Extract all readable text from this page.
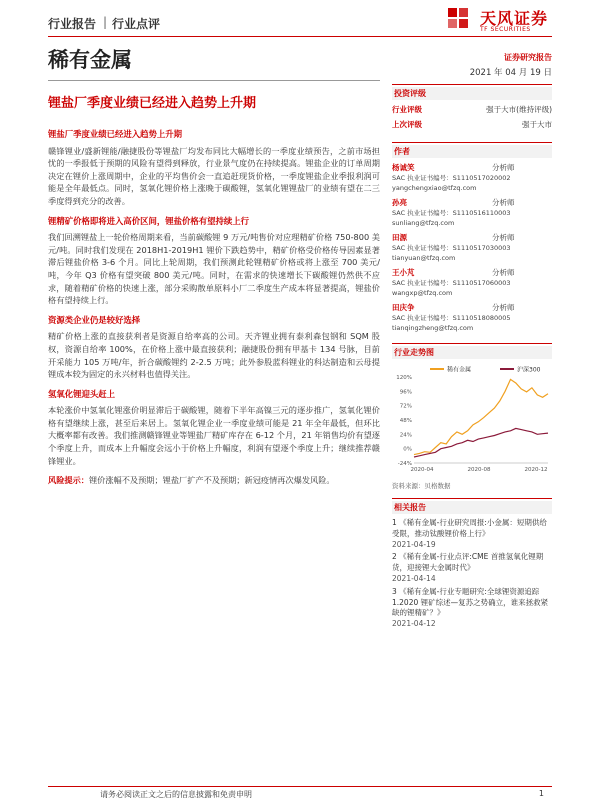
行业报告 | 行业点评	天风证券
TF SECURITIES
稀有金属
锂盐厂季度业绩已经进入趋势上升期
锂盐厂季度业绩已经进入趋势上升期

赣锋锂业/盛新锂能/融捷股份等锂盐厂均发布同比大幅增长的一季度业绩预告，之前市场担忧的一季报低于预期的风险有望得到释放，行业景气度仍在持续提高。锂盐企业的订单周期决定在锂价上涨周期中，企业的平均售价会一直追赶现货价格，一季度锂盐企业季报利润可能是全年最低点。同时，氢氧化锂价格上涨晚于碳酸锂，氢氧化锂锂盐厂的业绩有望在二三季度得到充分的改善。

锂精矿价格即将进入高价区间，锂盐价格有望持续上行

我们回溯锂盐上一轮价格周期来看，当前碳酸锂 9 万元/吨售价对应理精矿价格 750-800 美元/吨。同时我们发现在 2018H1-2019H1 锂价下跌趋势中，精矿价格受价格传导因素显著滞后锂盐价格 3-6 个月。同比上轮周期，我们预测此轮锂精矿价格或将上涨至 700 美元/吨，今年 Q3 价格有望突破 800 美元/吨。同时，在需求的快速增长下碳酸锂仍然供不应求，随着精矿价格的快速上涨，部分采购散单原料小厂二季度生产成本将显著提高，锂盐价格有望持续上行。

资源类企业仍是较好选择

精矿价格上涨的直接获利者是资源自给率高的公司。天齐锂业拥有泰利森包钢和 SQM 股权，资源自给率 100%，在价格上涨中最直接获利；融捷股份拥有甲基卡 134 号脉，目前开采能力 105 万吨/年，折合碳酸锂约 2-2.5 万吨；此外参股蓝科锂业的科达制造和云母提锂成本较为固定的永兴材料也值得关注。

氢氧化锂迎头赶上

本轮涨价中氢氧化锂涨价明显滞后于碳酸锂，随着下半年高镍三元的逐步推广，氢氧化锂价格有望继续上涨，甚至后来居上。氢氧化锂企业一季度业绩可能是 21 年全年最低，但环比大概率都有改善。我们推测赣锋锂业等锂盐厂精矿库存在 6-12 个月，21 年销售均价有望逐个季度上升，而成本上升幅度会远小于价格上升幅度，利润有望逐个季度上升；继续推荐赣锋锂业。

风险提示：锂价涨幅不及预期；锂盐厂扩产不及预期；新冠疫情再次爆发风险。

证券研究报告
2021 年 04 月 19 日
投资评级
行业评级	强于大市(维持评级)
上次评级	强于大市
作者
杨诚笑	分析师
SAC 执业证书编号：S1110517020002
yangchengxiao@tfzq.com
孙亮	分析师
SAC 执业证书编号：S1110516110003
sunliang@tfzq.com
田源	分析师
SAC 执业证书编号：S1110517030003
tianyuan@tfzq.com
王小芃	分析师
SAC 执业证书编号：S1110517060003
wangxp@tfzq.com
田庆争	分析师
SAC 执业证书编号：S1110518080005
tianqingzheng@tfzq.com
行业走势图
稀有金属	沪深300
120%
96%
72%
48%
24%
0%
-24%
2020-04	2020-08	2020-12
资料来源：贝格数据
相关报告
1 《稀有金属-行业研究周报:小金属：短期供给受限，推动钛酸锂价格上行》
2021-04-19
2 《稀有金属-行业点评:CME 首推氢氧化锂期货，迎接锂大金属时代》
2021-04-14
3 《稀有金属-行业专题研究:全球锂资源追踪 1.2020 锂矿综述—复苏之势确立，谁来拯救紧缺的锂精矿？》
2021-04-12
请务必阅读正文之后的信息披露和免责申明	1
